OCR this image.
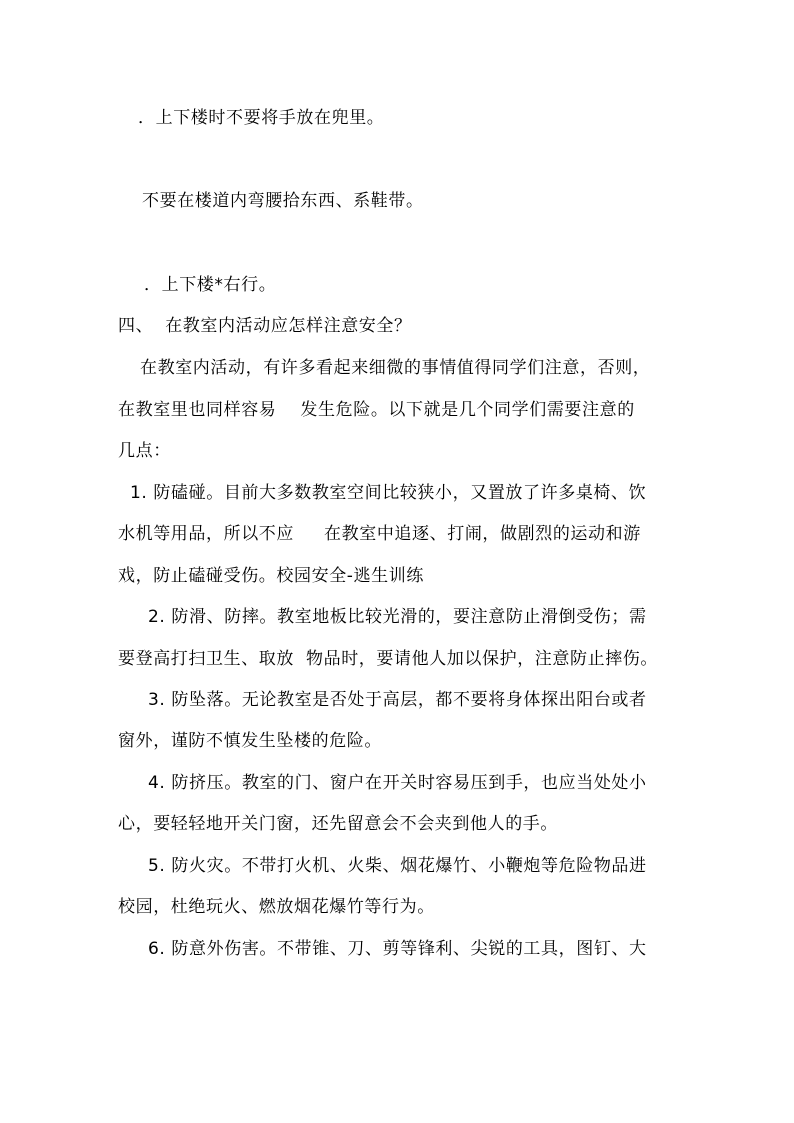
．上下楼时不要将手放在兜里。
不要在楼道内弯腰拾东西、系鞋带。
．上下楼*右行。
四、  在教室内活动应怎样注意安全？
在教室内活动，有许多看起来细微的事情值得同学们注意，否则，
在教室里也同样容易    发生危险。以下就是几个同学们需要注意的
几点：
1. 防磕碰。目前大多数教室空间比较狭小，又置放了许多桌椅、饮
水机等用品，所以不应     在教室中追逐、打闹，做剧烈的运动和游
戏，防止磕碰受伤。校园安全-逃生训练
2. 防滑、防摔。教室地板比较光滑的，要注意防止滑倒受伤；需
要登高打扫卫生、取放  物品时，要请他人加以保护，注意防止摔伤。
3. 防坠落。无论教室是否处于高层，都不要将身体探出阳台或者
窗外，谨防不慎发生坠楼的危险。
4. 防挤压。教室的门、窗户在开关时容易压到手，也应当处处小
心，要轻轻地开关门窗，还先留意会不会夹到他人的手。
5. 防火灾。不带打火机、火柴、烟花爆竹、小鞭炮等危险物品进
校园，杜绝玩火、燃放烟花爆竹等行为。
6. 防意外伤害。不带锥、刀、剪等锋利、尖锐的工具，图钉、大
